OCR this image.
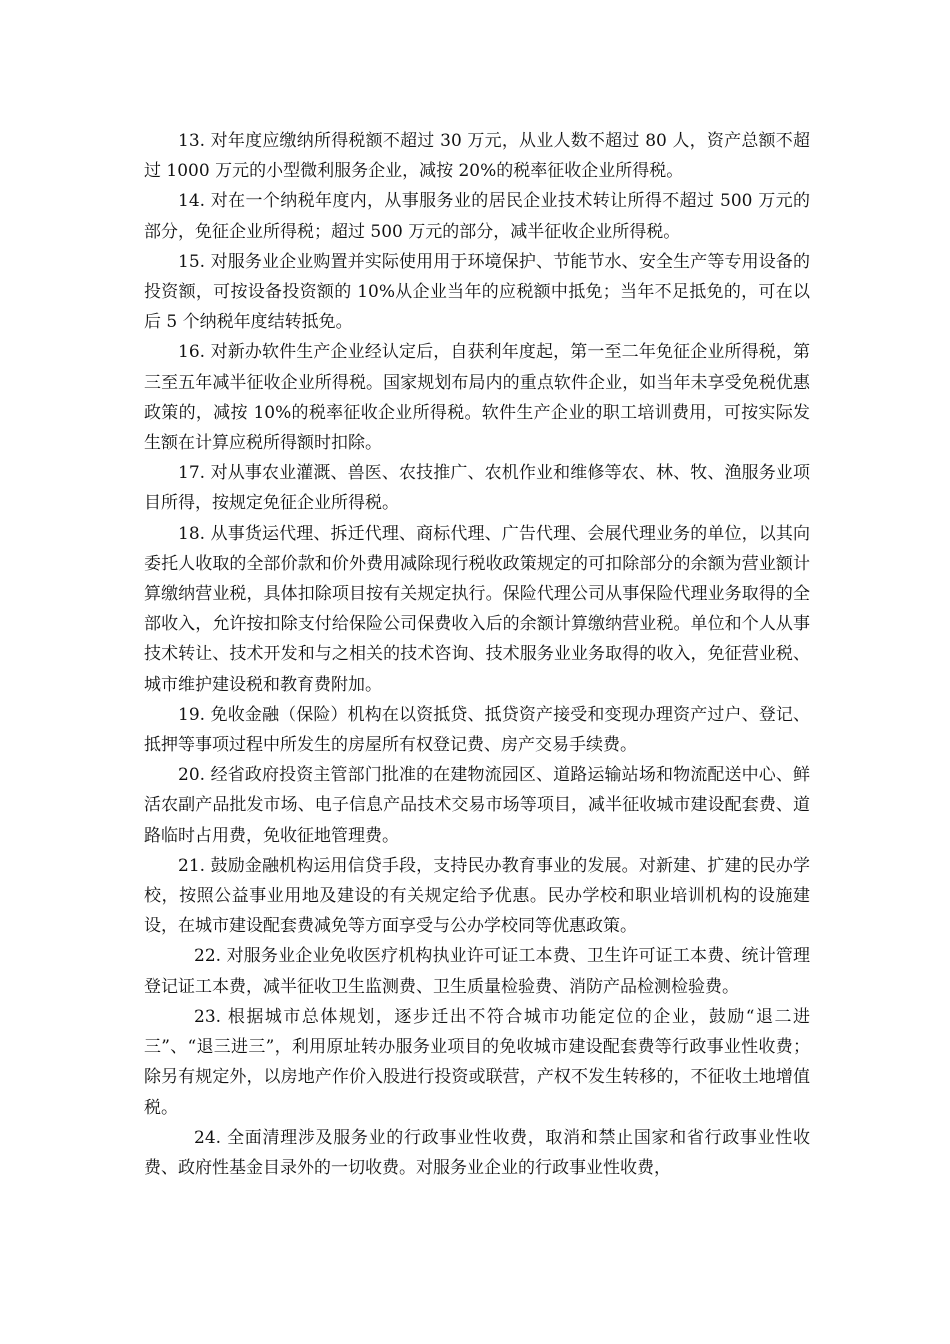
13. 对年度应缴纳所得税额不超过 30 万元，从业人数不超过 80 人，资产总额不超过 1000 万元的小型微利服务企业，减按 20%的税率征收企业所得税。

14. 对在一个纳税年度内，从事服务业的居民企业技术转让所得不超过 500 万元的部分，免征企业所得税；超过 500 万元的部分，减半征收企业所得税。

15. 对服务业企业购置并实际使用用于环境保护、节能节水、安全生产等专用设备的投资额，可按设备投资额的 10%从企业当年的应税额中抵免；当年不足抵免的，可在以后 5 个纳税年度结转抵免。

16. 对新办软件生产企业经认定后，自获利年度起，第一至二年免征企业所得税，第三至五年减半征收企业所得税。国家规划布局内的重点软件企业，如当年未享受免税优惠政策的，减按 10%的税率征收企业所得税。软件生产企业的职工培训费用，可按实际发生额在计算应税所得额时扣除。

17. 对从事农业灌溉、兽医、农技推广、农机作业和维修等农、林、牧、渔服务业项目所得，按规定免征企业所得税。

18. 从事货运代理、拆迁代理、商标代理、广告代理、会展代理业务的单位，以其向委托人收取的全部价款和价外费用减除现行税收政策规定的可扣除部分的余额为营业额计算缴纳营业税，具体扣除项目按有关规定执行。保险代理公司从事保险代理业务取得的全部收入，允许按扣除支付给保险公司保费收入后的余额计算缴纳营业税。单位和个人从事技术转让、技术开发和与之相关的技术咨询、技术服务业业务取得的收入，免征营业税、城市维护建设税和教育费附加。

19. 免收金融（保险）机构在以资抵贷、抵贷资产接受和变现办理资产过户、登记、抵押等事项过程中所发生的房屋所有权登记费、房产交易手续费。

20. 经省政府投资主管部门批准的在建物流园区、道路运输站场和物流配送中心、鲜活农副产品批发市场、电子信息产品技术交易市场等项目，减半征收城市建设配套费、道路临时占用费，免收征地管理费。

21. 鼓励金融机构运用信贷手段，支持民办教育事业的发展。对新建、扩建的民办学校，按照公益事业用地及建设的有关规定给予优惠。民办学校和职业培训机构的设施建设，在城市建设配套费减免等方面享受与公办学校同等优惠政策。

22. 对服务业企业免收医疗机构执业许可证工本费、卫生许可证工本费、统计管理登记证工本费，减半征收卫生监测费、卫生质量检验费、消防产品检测检验费。

23. 根据城市总体规划，逐步迁出不符合城市功能定位的企业，鼓励“退二进三”、“退三进三”，利用原址转办服务业项目的免收城市建设配套费等行政事业性收费；除另有规定外，以房地产作价入股进行投资或联营，产权不发生转移的，不征收土地增值税。

24. 全面清理涉及服务业的行政事业性收费，取消和禁止国家和省行政事业性收费、政府性基金目录外的一切收费。对服务业企业的行政事业性收费，
